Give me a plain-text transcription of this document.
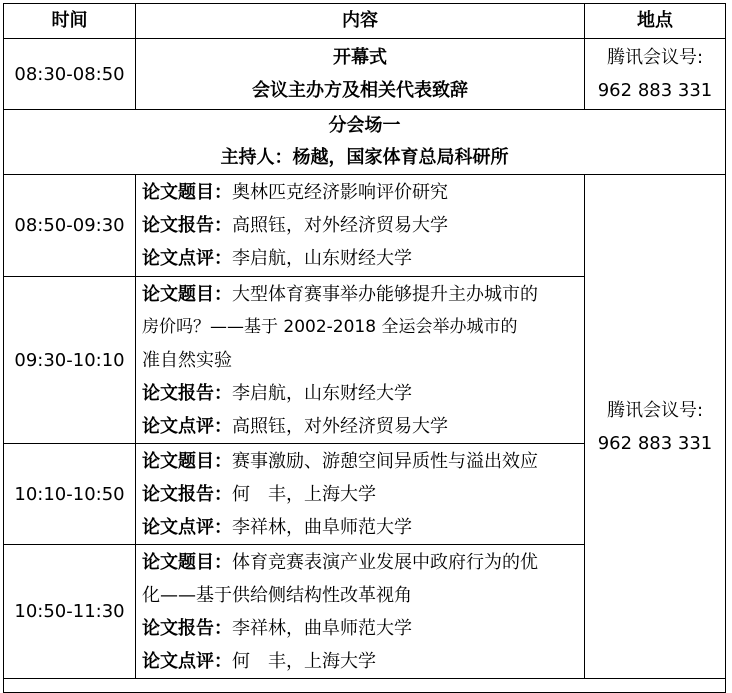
时间	内容	地点
08:30-08:50
开幕式
会议主办方及相关代表致辞
腾讯会议号:
962 883 331
分会场一
主持人：杨越，国家体育总局科研所
08:50-09:30
论文题目：奥林匹克经济影响评价研究
论文报告：高照钰，对外经济贸易大学
论文点评：李启航，山东财经大学
09:30-10:10
论文题目：大型体育赛事举办能够提升主办城市的
房价吗？——基于 2002-2018 全运会举办城市的
准自然实验
论文报告：李启航，山东财经大学
论文点评：高照钰，对外经济贸易大学
10:10-10:50
论文题目：赛事激励、游憩空间异质性与溢出效应
论文报告：何　丰，上海大学
论文点评：李祥林，曲阜师范大学
10:50-11:30
论文题目：体育竞赛表演产业发展中政府行为的优
化——基于供给侧结构性改革视角
论文报告：李祥林，曲阜师范大学
论文点评：何　丰，上海大学
腾讯会议号:
962 883 331
